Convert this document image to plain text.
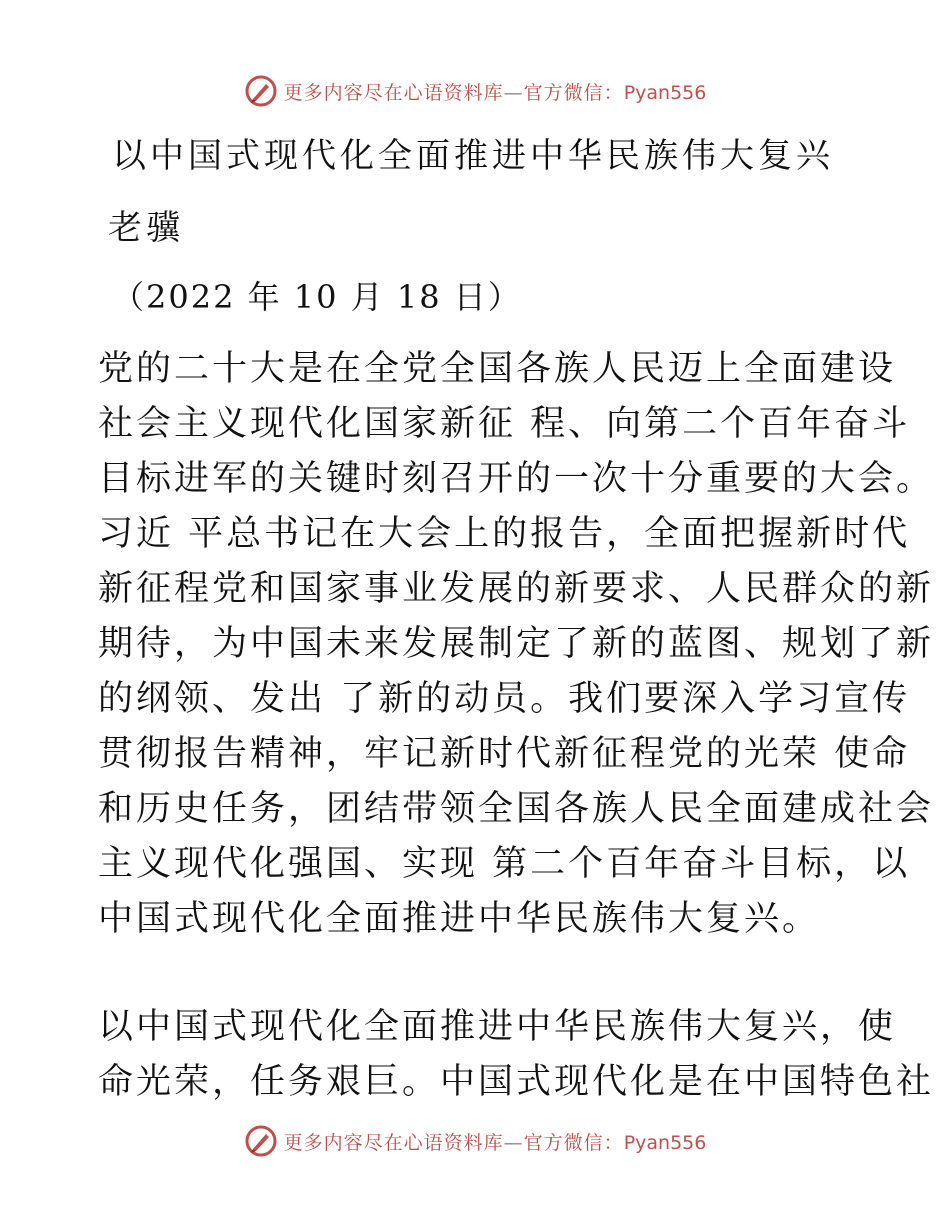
更多内容尽在心语资料库—官方微信：Pyan556
以中国式现代化全面推进中华民族伟大复兴
老骥
（2022 年 10 月 18 日）
党的二十大是在全党全国各族人民迈上全面建设
社会主义现代化国家新征 程、向第二个百年奋斗
目标进军的关键时刻召开的一次十分重要的大会。
习近 平总书记在大会上的报告，全面把握新时代
新征程党和国家事业发展的新要求、人民群众的新
期待，为中国未来发展制定了新的蓝图、规划了新
的纲领、发出 了新的动员。我们要深入学习宣传
贯彻报告精神，牢记新时代新征程党的光荣 使命
和历史任务，团结带领全国各族人民全面建成社会
主义现代化强国、实现 第二个百年奋斗目标，以
中国式现代化全面推进中华民族伟大复兴。
以中国式现代化全面推进中华民族伟大复兴，使
命光荣，任务艰巨。中国式现代化是在中国特色社
更多内容尽在心语资料库—官方微信：Pyan556
